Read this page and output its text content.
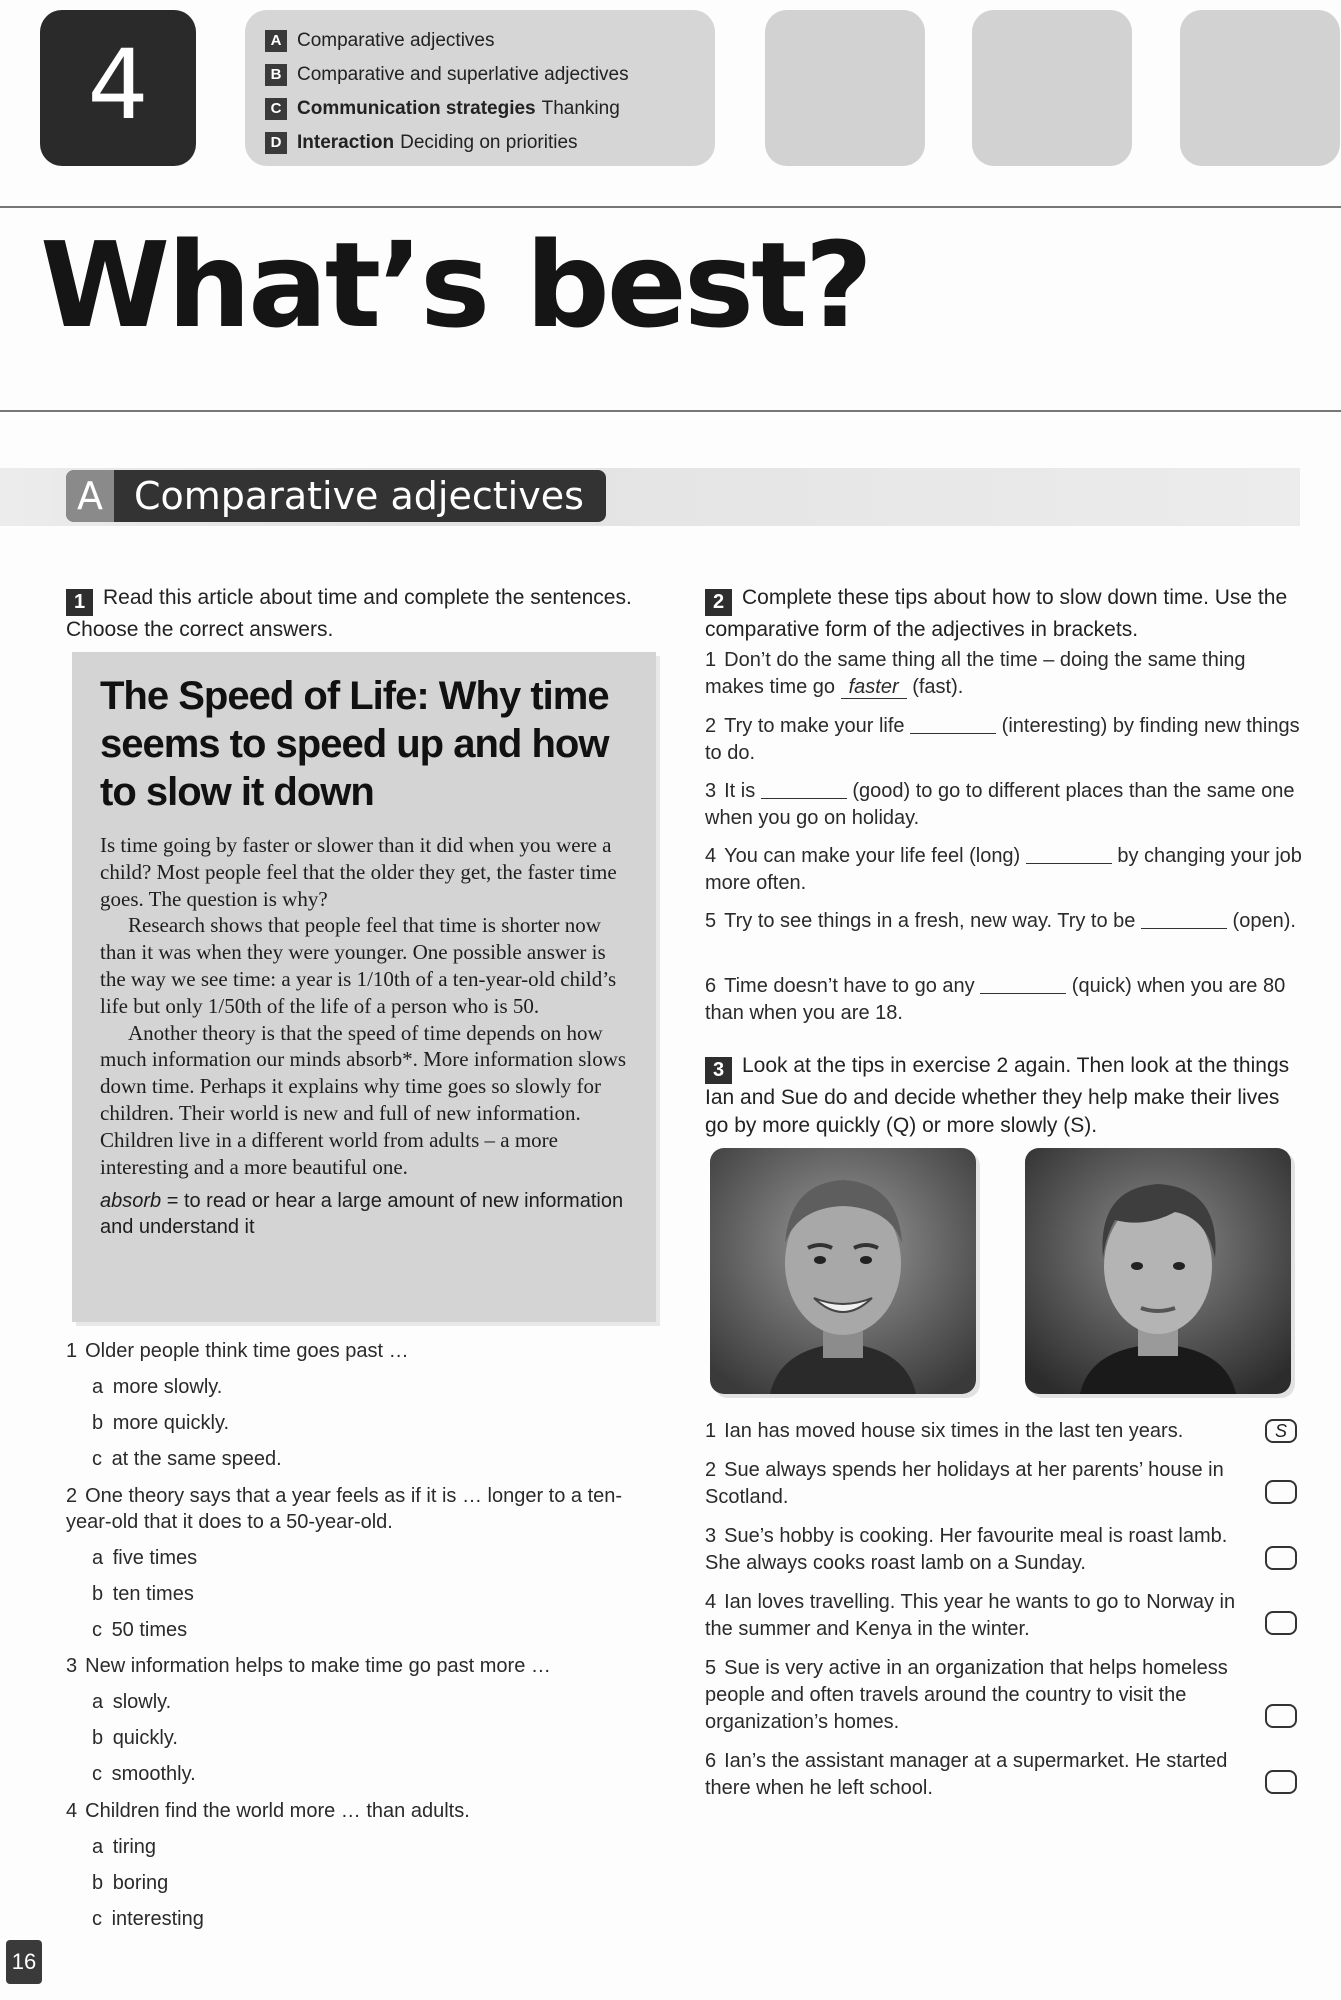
4	A Comparative adjectives
B Comparative and superlative adjectives
C Communication strategies Thanking
D Interaction Deciding on priorities
What’s best?
A Comparative adjectives
1 Read this article about time and complete the sentences. Choose the correct answers.
The Speed of Life: Why time seems to speed up and how to slow it down

Is time going by faster or slower than it did when you were a child? Most people feel that the older they get, the faster time goes. The question is why?

Research shows that people feel that time is shorter now than it was when they were younger. One possible answer is the way we see time: a year is 1/10th of a ten-year-old child’s life but only 1/50th of the life of a person who is 50.

Another theory is that the speed of time depends on how much information our minds absorb*. More information slows down time. Perhaps it explains why time goes so slowly for children. Their world is new and full of new information. Children live in a different world from adults – a more interesting and a more beautiful one.

absorb = to read or hear a large amount of new information and understand it

1 Older people think time goes past …
a more slowly.
b more quickly.
c at the same speed.
2 One theory says that a year feels as if it is … longer to a ten-year-old that it does to a 50-year-old.
a five times
b ten times
c 50 times
3 New information helps to make time go past more …
a slowly.
b quickly.
c smoothly.
4 Children find the world more … than adults.
a tiring
b boring
c interesting
2 Complete these tips about how to slow down time. Use the comparative form of the adjectives in brackets.
1 Don’t do the same thing all the time – doing the same thing makes time go faster (fast).
2 Try to make your life	(interesting) by finding new things to do.
3 It is	(good) to go to different places than the same one when you go on holiday.
4 You can make your life feel (long)	by changing your job more often.
5 Try to see things in a fresh, new way. Try to be	(open).
6 Time doesn’t have to go any	(quick) when you are 80 than when you are 18.
3 Look at the tips in exercise 2 again. Then look at the things Ian and Sue do and decide whether they help make their lives go by more quickly (Q) or more slowly (S).
1 Ian has moved house six times in the last ten years.	S
2 Sue always spends her holidays at her parents’ house in Scotland.
3 Sue’s hobby is cooking. Her favourite meal is roast lamb. She always cooks roast lamb on a Sunday.
4 Ian loves travelling. This year he wants to go to Norway in the summer and Kenya in the winter.
5 Sue is very active in an organization that helps homeless people and often travels around the country to visit the organization’s homes.
6 Ian’s the assistant manager at a supermarket. He started there when he left school.
16
